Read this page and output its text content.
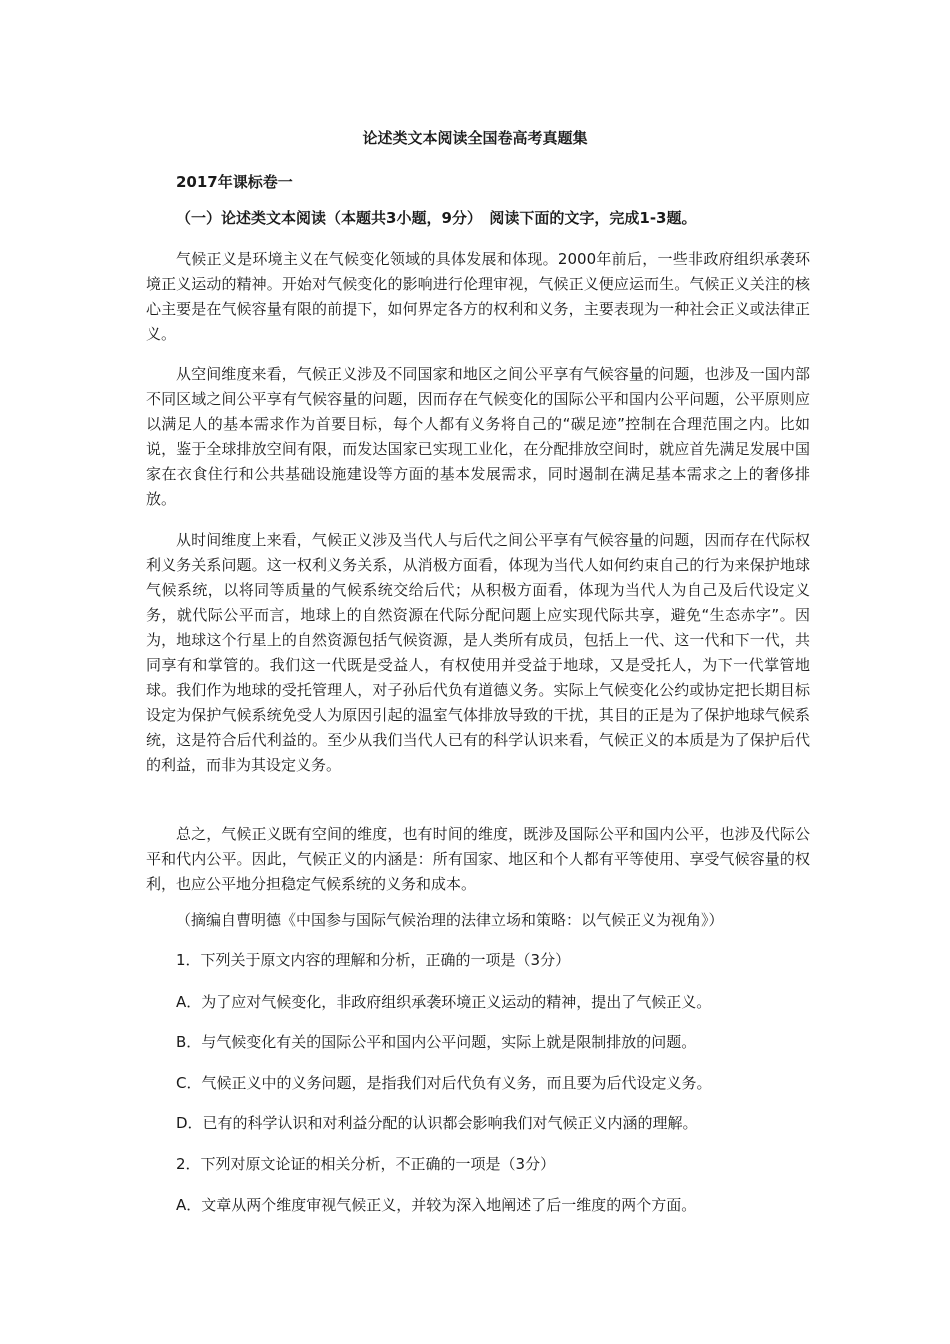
论述类文本阅读全国卷高考真题集
2017年课标卷一
（一）论述类文本阅读（本题共3小题，9分）　阅读下面的文字，完成1-3题。

气候正义是环境主义在气候变化领域的具体发展和体现。2000年前后，一些非政府组织承袭环境正义运动的精神。开始对气候变化的影响进行伦理审视，气候正义便应运而生。气候正义关注的核心主要是在气候容量有限的前提下，如何界定各方的权利和义务，主要表现为一种社会正义或法律正义。

从空间维度来看，气候正义涉及不同国家和地区之间公平享有气候容量的问题，也涉及一国内部不同区域之间公平享有气候容量的问题，因而存在气候变化的国际公平和国内公平问题，公平原则应以满足人的基本需求作为首要目标，每个人都有义务将自己的“碳足迹”控制在合理范围之内。比如说，鉴于全球排放空间有限，而发达国家已实现工业化，在分配排放空间时，就应首先满足发展中国家在衣食住行和公共基础设施建设等方面的基本发展需求，同时遏制在满足基本需求之上的奢侈排放。

从时间维度上来看，气候正义涉及当代人与后代之间公平享有气候容量的问题，因而存在代际权利义务关系问题。这一权利义务关系，从消极方面看，体现为当代人如何约束自己的行为来保护地球气候系统，以将同等质量的气候系统交给后代；从积极方面看，体现为当代人为自己及后代设定义务，就代际公平而言，地球上的自然资源在代际分配问题上应实现代际共享，避免“生态赤字”。因为，地球这个行星上的自然资源包括气候资源，是人类所有成员，包括上一代、这一代和下一代，共同享有和掌管的。我们这一代既是受益人，有权使用并受益于地球，又是受托人，为下一代掌管地球。我们作为地球的受托管理人，对子孙后代负有道德义务。实际上气候变化公约或协定把长期目标设定为保护气候系统免受人为原因引起的温室气体排放导致的干扰，其目的正是为了保护地球气候系统，这是符合后代利益的。至少从我们当代人已有的科学认识来看，气候正义的本质是为了保护后代的利益，而非为其设定义务。

总之，气候正义既有空间的维度，也有时间的维度，既涉及国际公平和国内公平，也涉及代际公平和代内公平。因此，气候正义的内涵是：所有国家、地区和个人都有平等使用、享受气候容量的权利，也应公平地分担稳定气候系统的义务和成本。

（摘编自曹明德《中国参与国际气候治理的法律立场和策略：以气候正义为视角》）
1．下列关于原文内容的理解和分析，正确的一项是（3分）
A．为了应对气候变化，非政府组织承袭环境正义运动的精神，提出了气候正义。
B．与气候变化有关的国际公平和国内公平问题，实际上就是限制排放的问题。
C．气候正义中的义务问题，是指我们对后代负有义务，而且要为后代设定义务。
D．已有的科学认识和对利益分配的认识都会影响我们对气候正义内涵的理解。
2．下列对原文论证的相关分析，不正确的一项是（3分）
A．文章从两个维度审视气候正义，并较为深入地阐述了后一维度的两个方面。
